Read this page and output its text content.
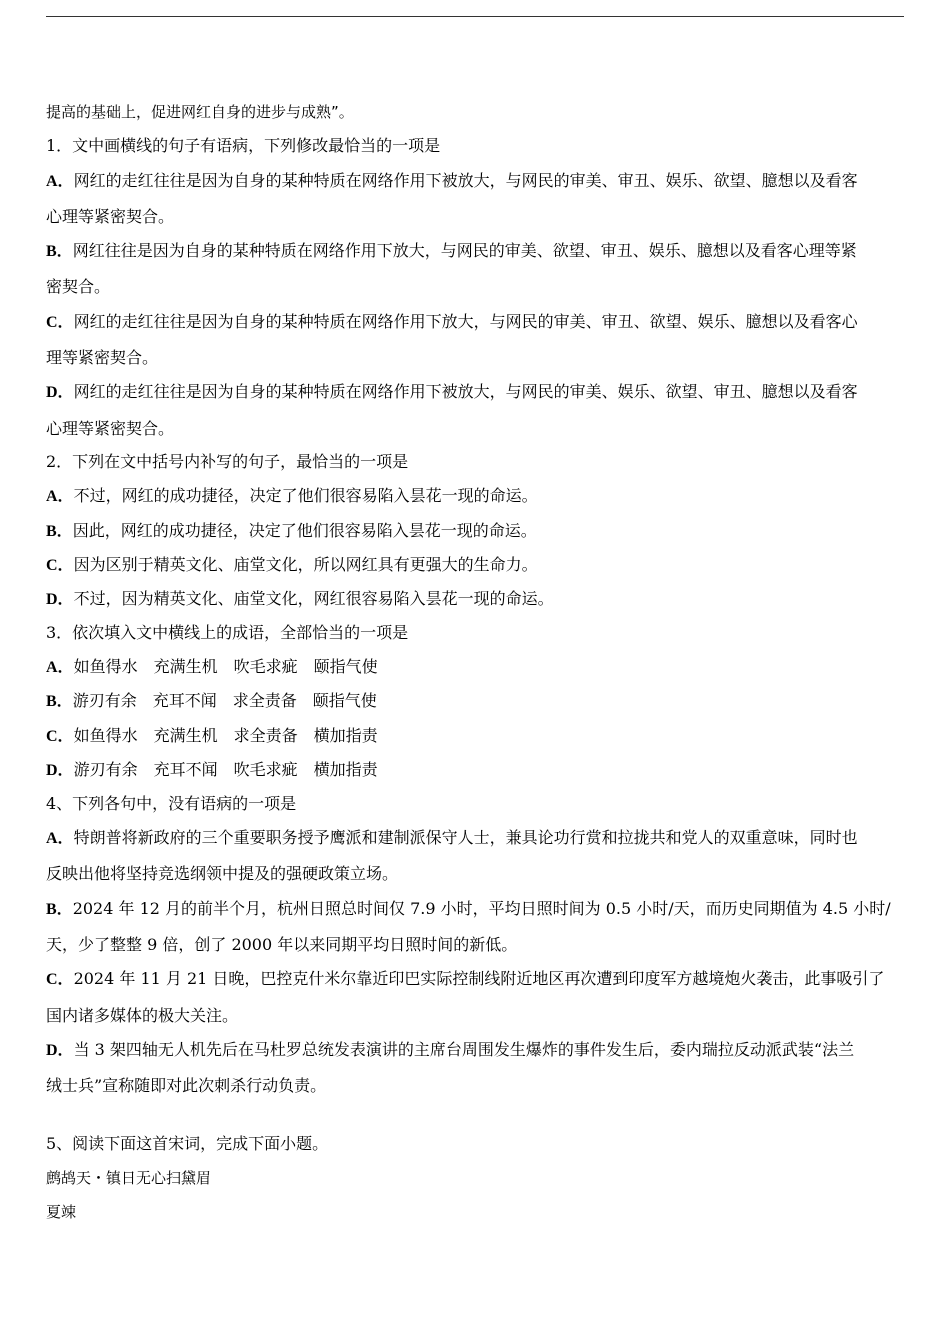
提高的基础上，促进网红自身的进步与成熟”。
1．文中画横线的句子有语病，下列修改最恰当的一项是
A．网红的走红往往是因为自身的某种特质在网络作用下被放大，与网民的审美、审丑、娱乐、欲望、臆想以及看客
心理等紧密契合。
B．网红往往是因为自身的某种特质在网络作用下放大，与网民的审美、欲望、审丑、娱乐、臆想以及看客心理等紧
密契合。
C．网红的走红往往是因为自身的某种特质在网络作用下放大，与网民的审美、审丑、欲望、娱乐、臆想以及看客心
理等紧密契合。
D．网红的走红往往是因为自身的某种特质在网络作用下被放大，与网民的审美、娱乐、欲望、审丑、臆想以及看客
心理等紧密契合。
2．下列在文中括号内补写的句子，最恰当的一项是
A．不过，网红的成功捷径，决定了他们很容易陷入昙花一现的命运。
B．因此，网红的成功捷径，决定了他们很容易陷入昙花一现的命运。
C．因为区别于精英文化、庙堂文化，所以网红具有更强大的生命力。
D．不过，因为精英文化、庙堂文化，网红很容易陷入昙花一现的命运。
3．依次填入文中横线上的成语，全部恰当的一项是
A．如鱼得水 充满生机 吹毛求疵 颐指气使
B．游刃有余 充耳不闻 求全责备 颐指气使
C．如鱼得水 充满生机 求全责备 横加指责
D．游刃有余 充耳不闻 吹毛求疵 横加指责
4、下列各句中，没有语病的一项是
A．特朗普将新政府的三个重要职务授予鹰派和建制派保守人士，兼具论功行赏和拉拢共和党人的双重意味，同时也
反映出他将坚持竞选纲领中提及的强硬政策立场。
B．2024 年 12 月的前半个月，杭州日照总时间仅 7.9 小时，平均日照时间为 0.5 小时/天，而历史同期值为 4.5 小时/
天，少了整整 9 倍，创了 2000 年以来同期平均日照时间的新低。
C．2024 年 11 月 21 日晚，巴控克什米尔靠近印巴实际控制线附近地区再次遭到印度军方越境炮火袭击，此事吸引了
国内诸多媒体的极大关注。
D．当 3 架四轴无人机先后在马杜罗总统发表演讲的主席台周围发生爆炸的事件发生后，委内瑞拉反动派武装“法兰
绒士兵”宣称随即对此次刺杀行动负责。
5、阅读下面这首宋词，完成下面小题。
鹧鸪天・镇日无心扫黛眉
夏竦
